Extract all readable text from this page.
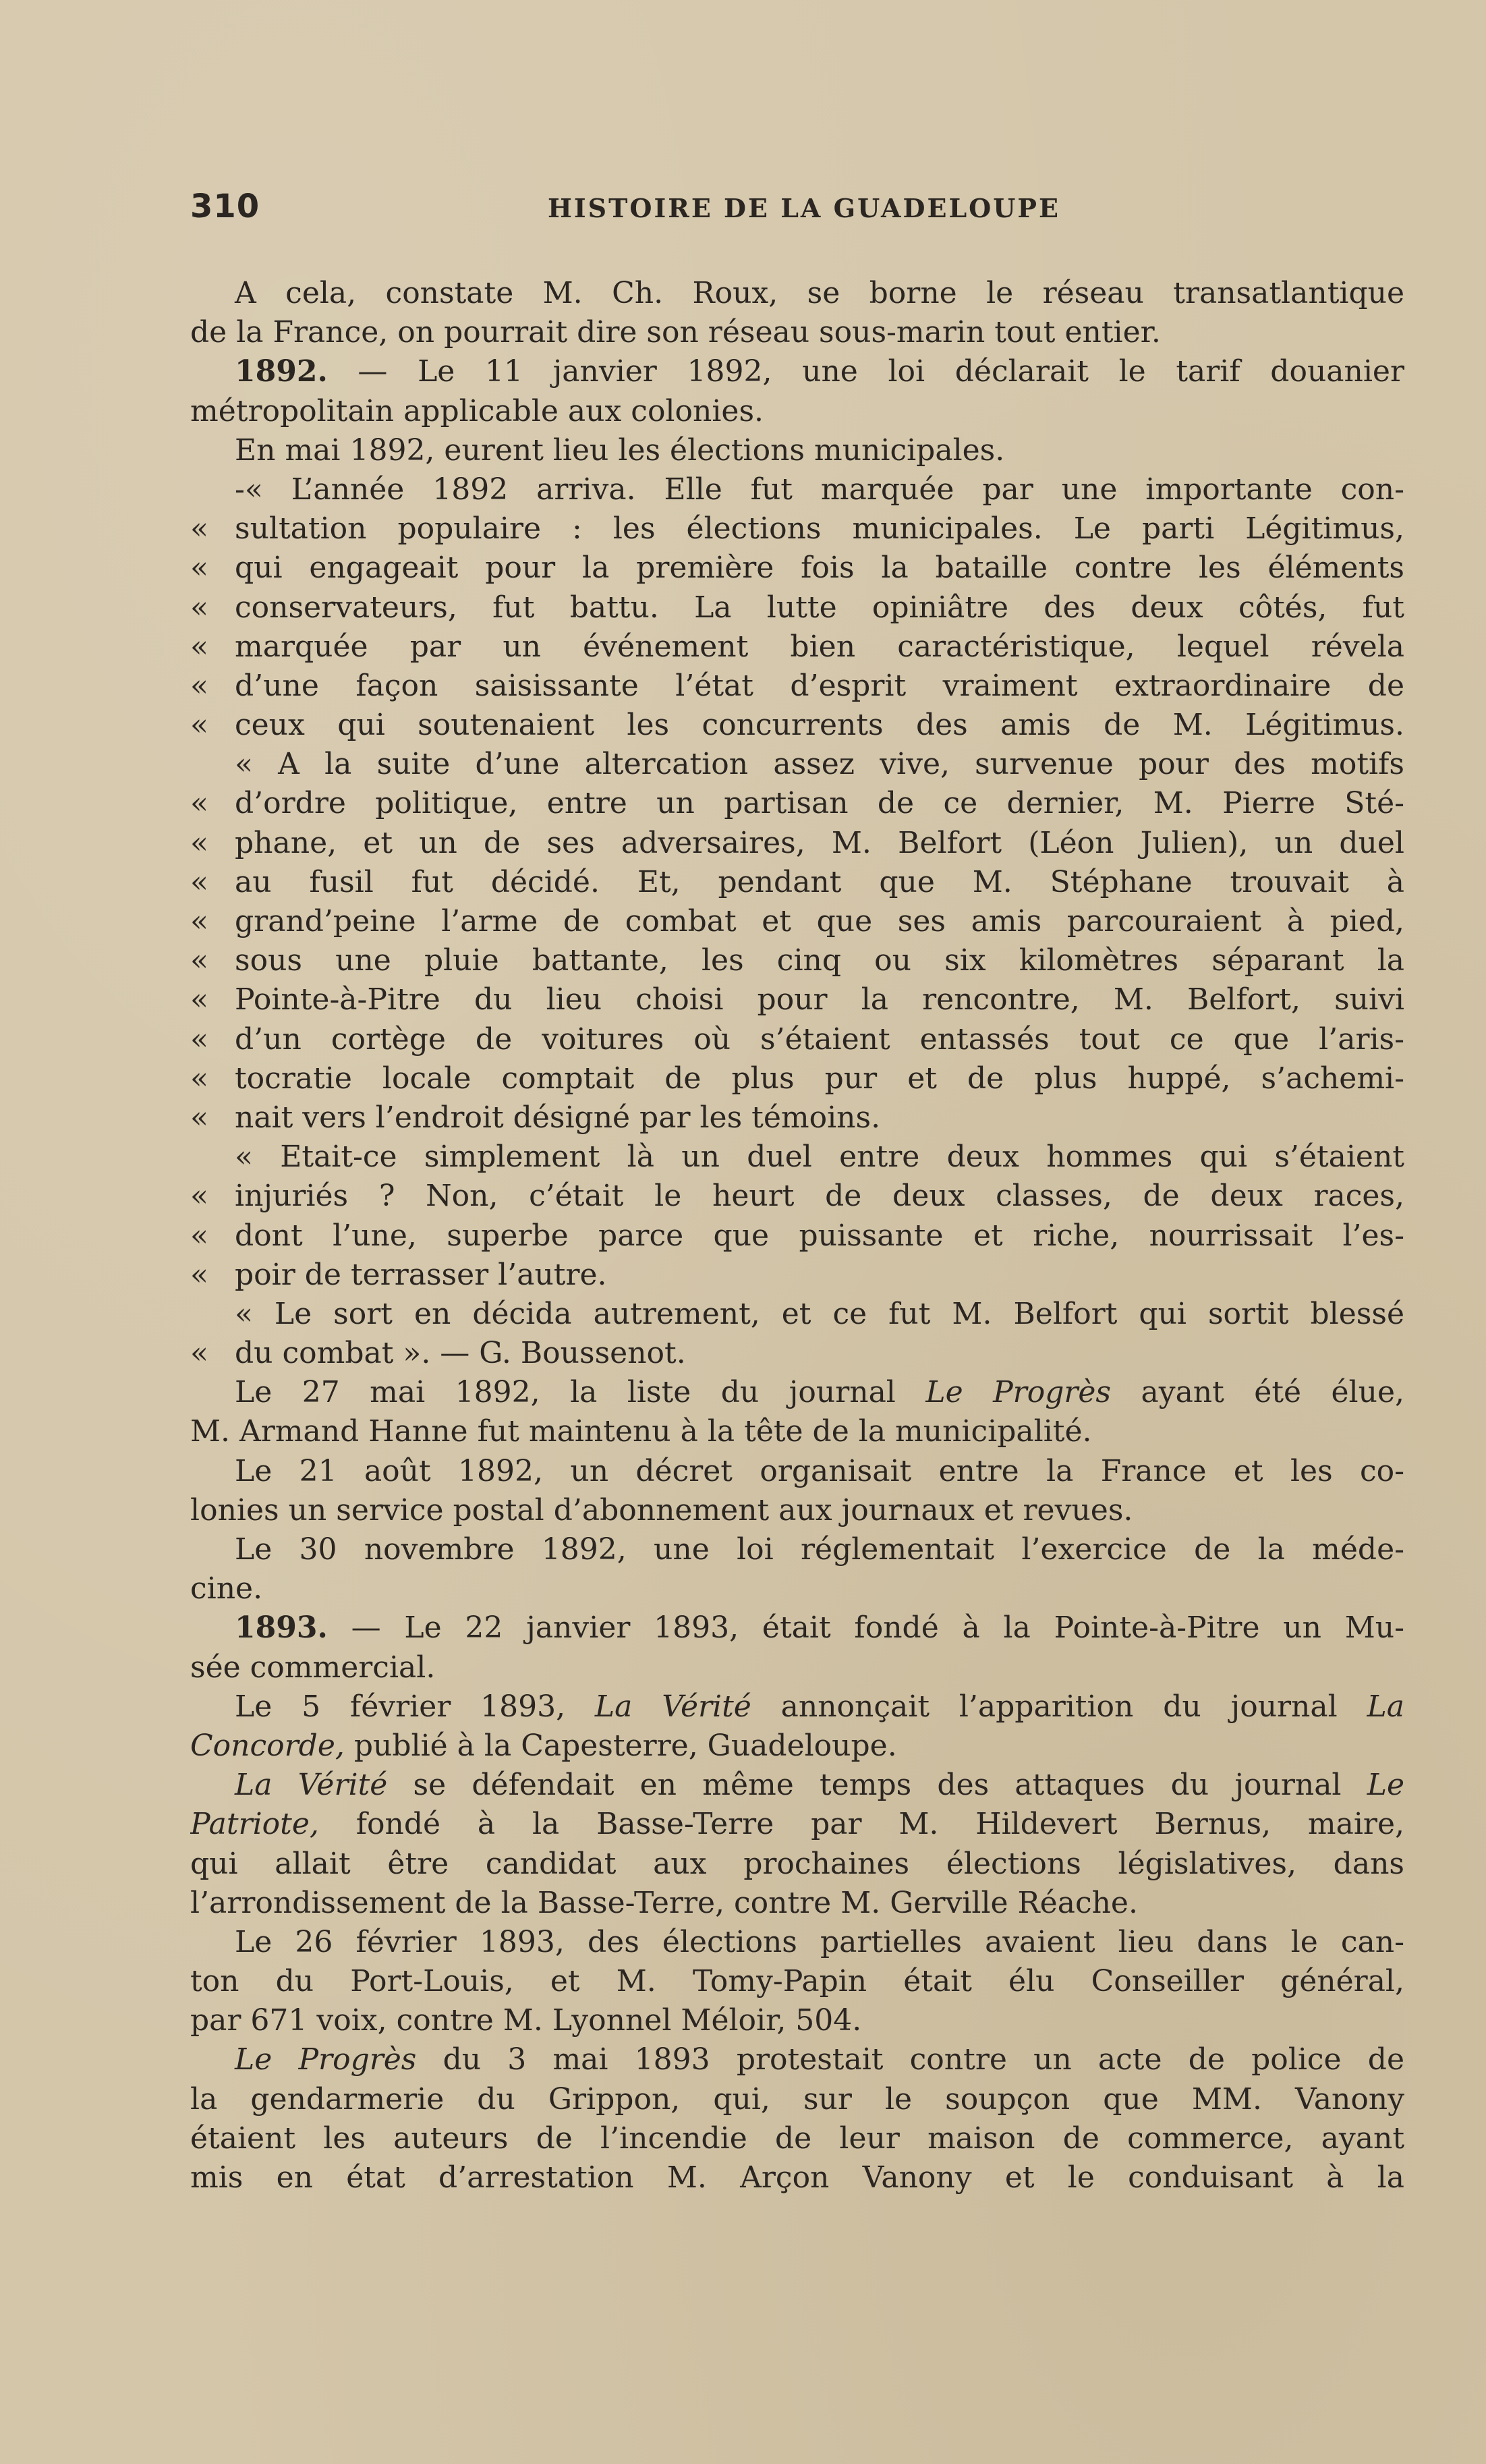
310	HISTOIRE DE LA GUADELOUPE
A cela, constate M. Ch. Roux, se borne le réseau transatlantique
de la France, on pourrait dire son réseau sous-marin tout entier.
1892. — Le 11 janvier 1892, une loi déclarait le tarif douanier
métropolitain applicable aux colonies.
En mai 1892, eurent lieu les élections municipales.
-« L’année 1892 arriva. Elle fut marquée par une importante con-
« sultation populaire : les élections municipales. Le parti Légitimus,
« qui engageait pour la première fois la bataille contre les éléments
« conservateurs, fut battu. La lutte opiniâtre des deux côtés, fut
« marquée par un événement bien caractéristique, lequel révela
« d’une façon saisissante l’état d’esprit vraiment extraordinaire de
« ceux qui soutenaient les concurrents des amis de M. Légitimus.
« A la suite d’une altercation assez vive, survenue pour des motifs
« d’ordre politique, entre un partisan de ce dernier, M. Pierre Sté-
« phane, et un de ses adversaires, M. Belfort (Léon Julien), un duel
« au fusil fut décidé. Et, pendant que M. Stéphane trouvait à
« grand’peine l’arme de combat et que ses amis parcouraient à pied,
« sous une pluie battante, les cinq ou six kilomètres séparant la
« Pointe-à-Pitre du lieu choisi pour la rencontre, M. Belfort, suivi
« d’un cortège de voitures où s’étaient entassés tout ce que l’aris-
« tocratie locale comptait de plus pur et de plus huppé, s’achemi-
« nait vers l’endroit désigné par les témoins.
« Etait-ce simplement là un duel entre deux hommes qui s’étaient
« injuriés ? Non, c’était le heurt de deux classes, de deux races,
« dont l’une, superbe parce que puissante et riche, nourrissait l’es-
« poir de terrasser l’autre.
« Le sort en décida autrement, et ce fut M. Belfort qui sortit blessé
« du combat ». — G. Boussenot.
Le 27 mai 1892, la liste du journal Le Progrès ayant été élue,
M. Armand Hanne fut maintenu à la tête de la municipalité.
Le 21 août 1892, un décret organisait entre la France et les co-
lonies un service postal d’abonnement aux journaux et revues.
Le 30 novembre 1892, une loi réglementait l’exercice de la méde-
cine.
1893. — Le 22 janvier 1893, était fondé à la Pointe-à-Pitre un Mu-
sée commercial.
Le 5 février 1893, La Vérité annonçait l’apparition du journal La
Concorde, publié à la Capesterre, Guadeloupe.
La Vérité se défendait en même temps des attaques du journal Le
Patriote, fondé à la Basse-Terre par M. Hildevert Bernus, maire,
qui allait être candidat aux prochaines élections législatives, dans
l’arrondissement de la Basse-Terre, contre M. Gerville Réache.
Le 26 février 1893, des élections partielles avaient lieu dans le can-
ton du Port-Louis, et M. Tomy-Papin était élu Conseiller général,
par 671 voix, contre M. Lyonnel Méloir, 504.
Le Progrès du 3 mai 1893 protestait contre un acte de police de
la gendarmerie du Grippon, qui, sur le soupçon que MM. Vanony
étaient les auteurs de l’incendie de leur maison de commerce, ayant
mis en état d’arrestation M. Arçon Vanony et le conduisant à la
